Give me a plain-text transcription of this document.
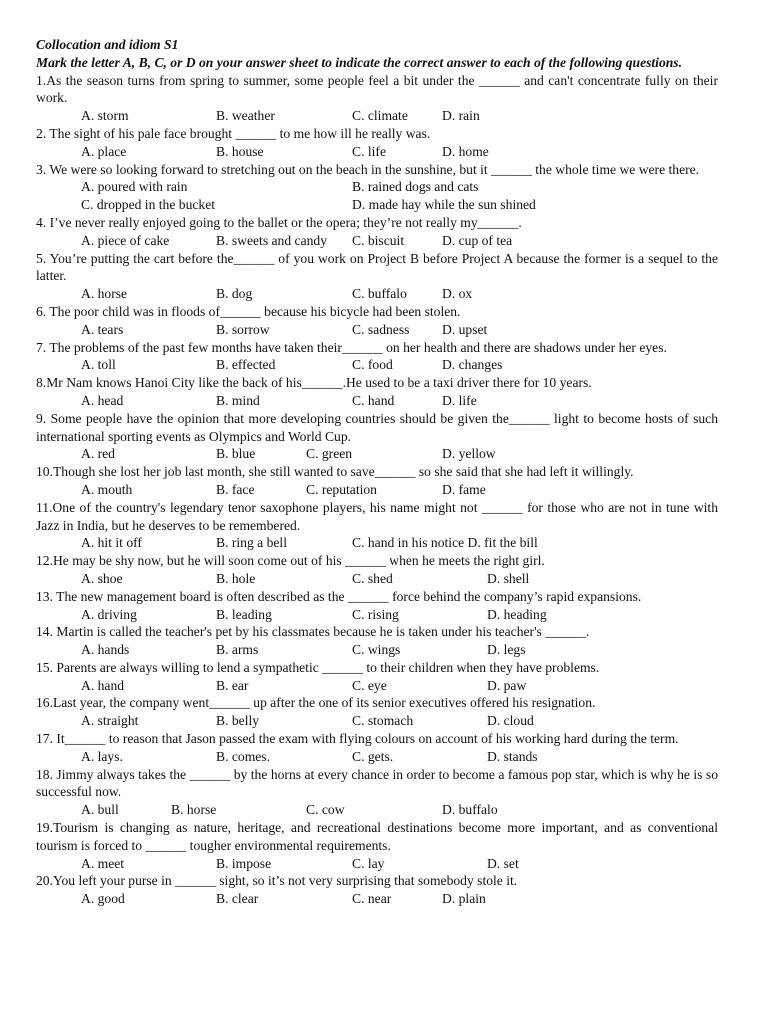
Collocation and idiom S1
Mark the letter A, B, C, or D on your answer sheet to indicate the correct answer to each of the following questions.
1.As the season turns from spring to summer, some people feel a bit under the ______ and can't concentrate fully on their work.
A. storm	B. weather	C. climate	D. rain
2. The sight of his pale face brought ______ to me how ill he really was.
A. place	B. house	C. life	D. home
3. We were so looking forward to stretching out on the beach in the sunshine, but it ______ the whole time we were there.
A. poured with rain	B. rained dogs and cats
C. dropped in the bucket	D. made hay while the sun shined
4. I’ve never really enjoyed going to the ballet or the opera; they’re not really my______.
A. piece of cake	B. sweets and candy C. biscuit	D. cup of tea
5. You’re putting the cart before the______ of you work on Project B before Project A because the former is a sequel to the latter.
A. horse	B. dog	C. buffalo	D. ox
6. The poor child was in floods of______ because his bicycle had been stolen.
A. tears	B. sorrow	C. sadness D. upset
7. The problems of the past few months have taken their______ on her health and there are shadows under her eyes.
A. toll	B. effected	C. food	D. changes
8.Mr Nam knows Hanoi City like the back of his______.He used to be a taxi driver there for 10 years.
A. head	B. mind	C. hand	D. life
9. Some people have the opinion that more developing countries should be given the______ light to become hosts of such international sporting events as Olympics and World Cup.
A. red	B. blue	C. green	D. yellow
10.Though she lost her job last month, she still wanted to save______ so she said that she had left it willingly.
A. mouth	B. face	C. reputation	D. fame
11.One of the country's legendary tenor saxophone players, his name might not ______ for those who are not in tune with Jazz in India, but he deserves to be remembered.
A. hit it off	B. ring a bell	C. hand in his notice D. fit the bill
12.He may be shy now, but he will soon come out of his ______ when he meets the right girl.
A. shoe	B. hole	C. shed	D. shell
13. The new management board is often described as the ______ force behind the company’s rapid expansions.
A. driving	B. leading	C. rising	D. heading
14. Martin is called the teacher's pet by his classmates because he is taken under his teacher's ______.
A. hands	B. arms	C. wings	D. legs
15. Parents are always willing to lend a sympathetic ______ to their children when they have problems.
A. hand	B. ear	C. eye	D. paw
16.Last year, the company went______ up after the one of its senior executives offered his resignation.
A. straight	B. belly	C. stomach	D. cloud
17. It______ to reason that Jason passed the exam with flying colours on account of his working hard during the term.
A. lays.	B. comes.	C. gets.	D. stands
18. Jimmy always takes the ______ by the horns at every chance in order to become a famous pop star, which is why he is so successful now.
A. bull	B. horse	C. cow	D. buffalo
19.Tourism is changing as nature, heritage, and recreational destinations become more important, and as conventional tourism is forced to ______ tougher environmental requirements.
A. meet	B. impose	C. lay	D. set
20.You left your purse in ______ sight, so it’s not very surprising that somebody stole it.
A. good	B. clear	C. near	D. plain
